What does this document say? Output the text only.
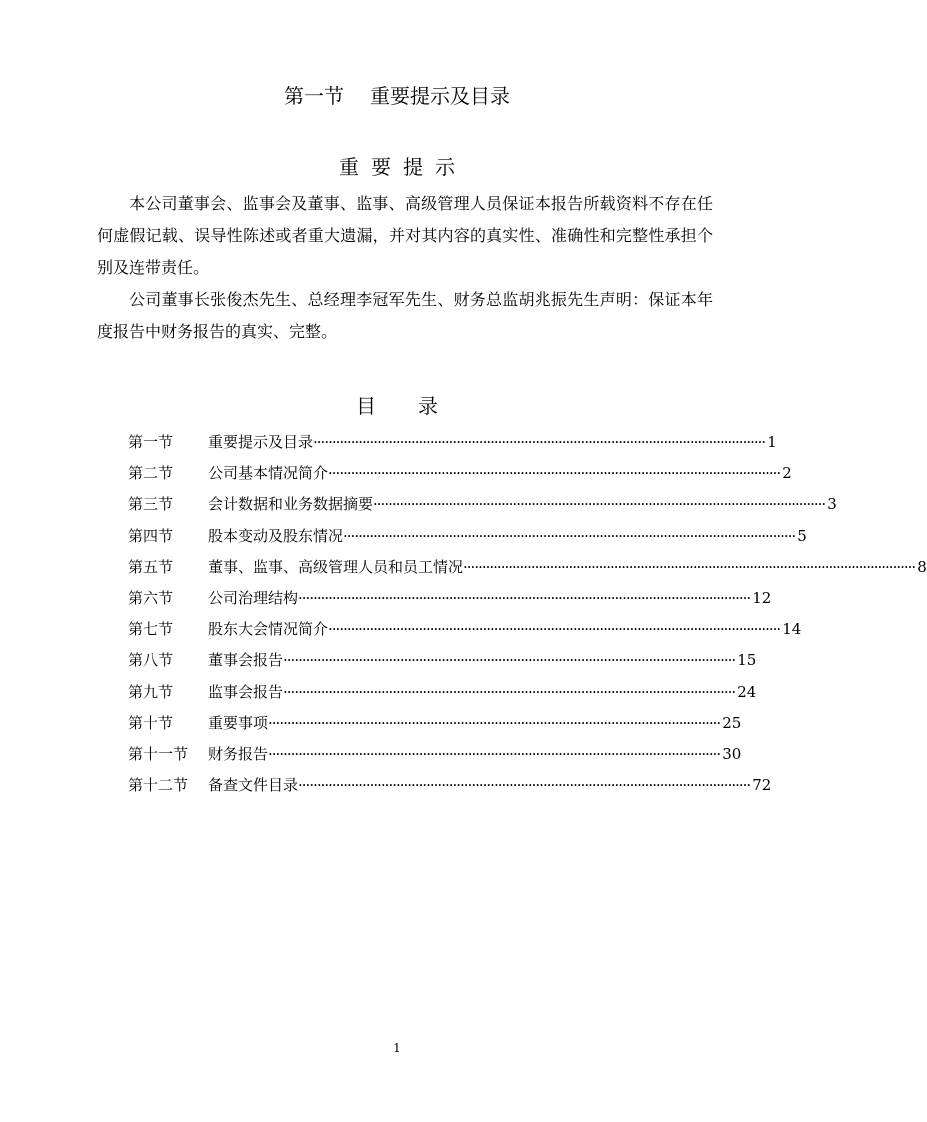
第一节 重要提示及目录
重要提示

本公司董事会、监事会及董事、监事、高级管理人员保证本报告所载资料不存在任何虚假记载、误导性陈述或者重大遗漏，并对其内容的真实性、准确性和完整性承担个别及连带责任。

公司董事长张俊杰先生、总经理李冠军先生、财务总监胡兆振先生声明：保证本年度报告中财务报告的真实、完整。

目录
第一节	重要提示及目录 ························································································································ 1
第二节	公司基本情况简介 ························································································································ 2
第三节	会计数据和业务数据摘要 ························································································································ 3
第四节	股本变动及股东情况 ························································································································ 5
第五节	董事、监事、高级管理人员和员工情况 ························································································································ 8
第六节	公司治理结构 ························································································································ 12
第七节	股东大会情况简介 ························································································································ 14
第八节	董事会报告 ························································································································ 15
第九节	监事会报告 ························································································································ 24
第十节	重要事项 ························································································································ 25
第十一节	财务报告 ························································································································ 30
第十二节	备查文件目录 ························································································································ 72
1
